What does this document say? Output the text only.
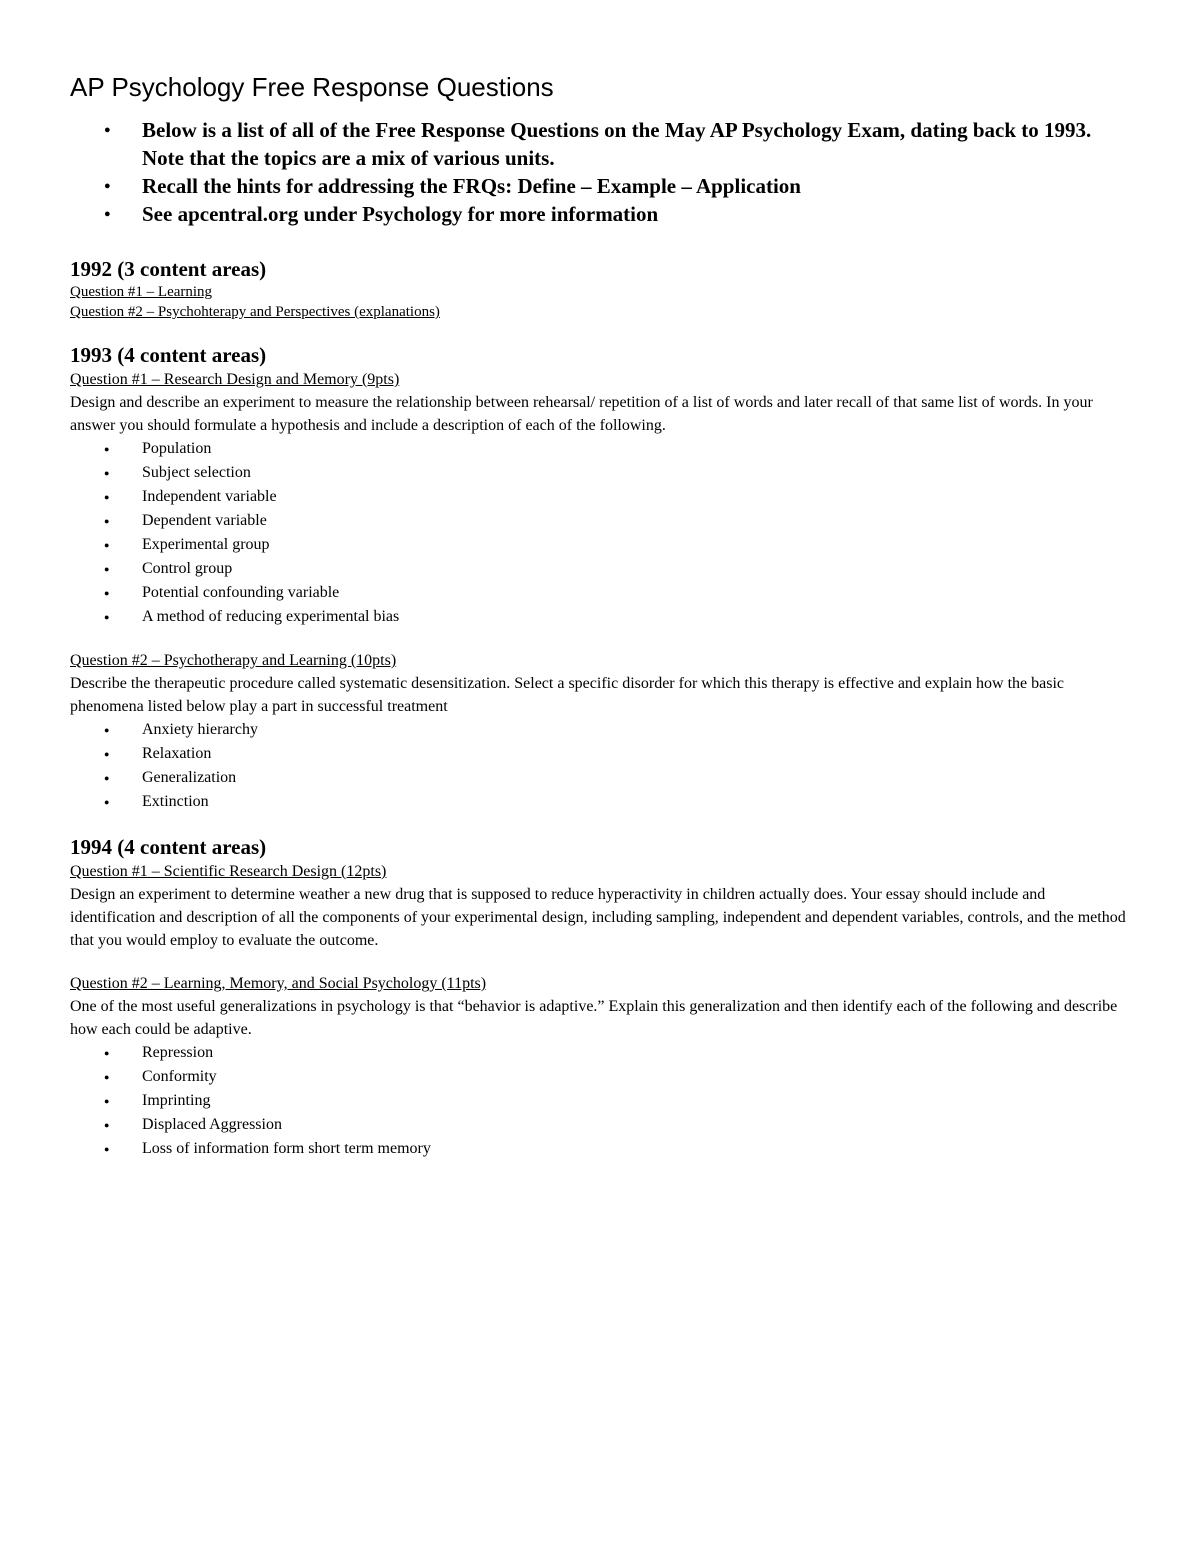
AP Psychology Free Response Questions
● Below is a list of all of the Free Response Questions on the May AP Psychology Exam, dating back to 1993. Note that the topics are a mix of various units.
● Recall the hints for addressing the FRQs: Define – Example – Application
● See apcentral.org under Psychology for more information
1992 (3 content areas)

Question #1 – Learning

Question #2 – Psychohterapy and Perspectives (explanations)

1993 (4 content areas)

Question #1 – Research Design and Memory (9pts)

Design and describe an experiment to measure the relationship between rehearsal/ repetition of a list of words and later recall of that same list of words. In your answer you should formulate a hypothesis and include a description of each of the following.

● Population
● Subject selection
● Independent variable
● Dependent variable
● Experimental group
● Control group
● Potential confounding variable
● A method of reducing experimental bias

Question #2 – Psychotherapy and Learning (10pts)

Describe the therapeutic procedure called systematic desensitization. Select a specific disorder for which this therapy is effective and explain how the basic phenomena listed below play a part in successful treatment

● Anxiety hierarchy
● Relaxation
● Generalization
● Extinction
1994 (4 content areas)

Question #1 – Scientific Research Design (12pts)

Design an experiment to determine weather a new drug that is supposed to reduce hyperactivity in children actually does. Your essay should include and identification and description of all the components of your experimental design, including sampling, independent and dependent variables, controls, and the method that you would employ to evaluate the outcome.

Question #2 – Learning, Memory, and Social Psychology (11pts)

One of the most useful generalizations in psychology is that “behavior is adaptive.” Explain this generalization and then identify each of the following and describe how each could be adaptive.

● Repression
● Conformity
● Imprinting
● Displaced Aggression
● Loss of information form short term memory
